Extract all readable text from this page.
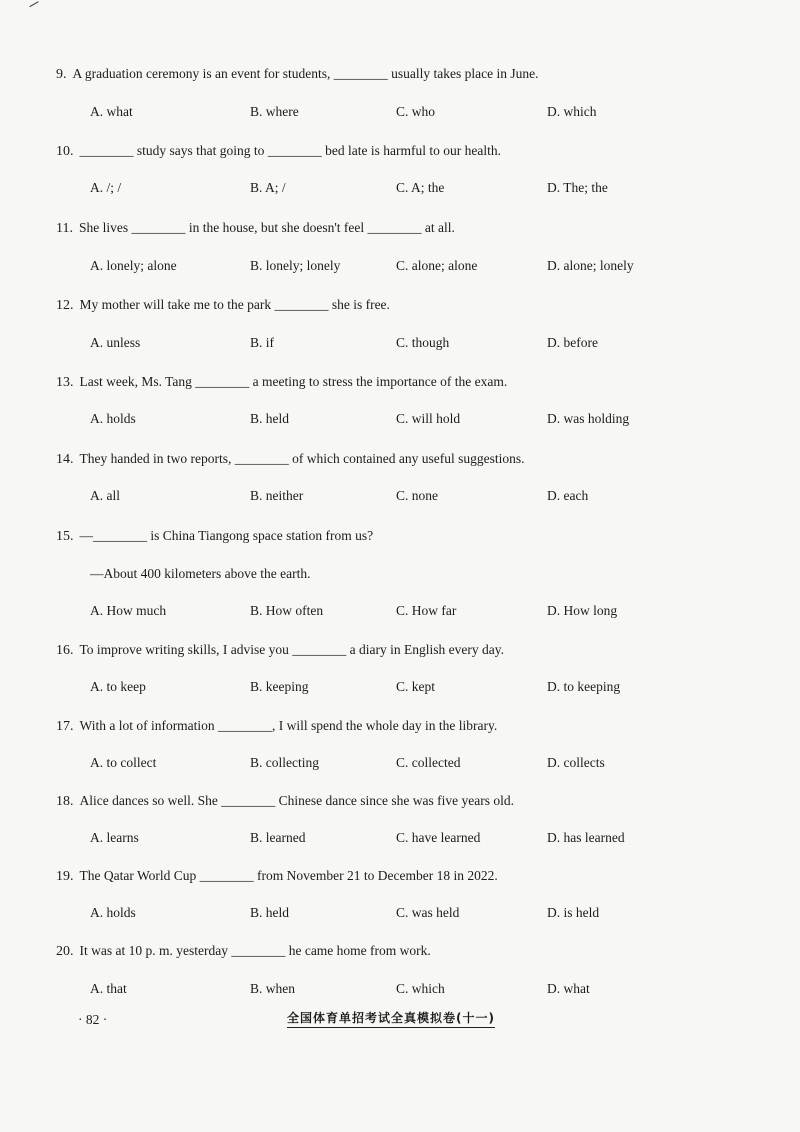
9. A graduation ceremony is an event for students, ________ usually takes place in June.
A. what	B. where	C. who	D. which
10. ________ study says that going to ________ bed late is harmful to our health.
A. /; /	B. A; /	C. A; the	D. The; the
11. She lives ________ in the house, but she doesn't feel ________ at all.
A. lonely; alone	B. lonely; lonely	C. alone; alone	D. alone; lonely
12. My mother will take me to the park ________ she is free.
A. unless	B. if	C. though	D. before
13. Last week, Ms. Tang ________ a meeting to stress the importance of the exam.
A. holds	B. held	C. will hold	D. was holding
14. They handed in two reports, ________ of which contained any useful suggestions.
A. all	B. neither	C. none	D. each
15. —________ is China Tiangong space station from us?
—About 400 kilometers above the earth.
A. How much	B. How often	C. How far	D. How long
16. To improve writing skills, I advise you ________ a diary in English every day.
A. to keep	B. keeping	C. kept	D. to keeping
17. With a lot of information ________, I will spend the whole day in the library.
A. to collect	B. collecting	C. collected	D. collects
18. Alice dances so well. She ________ Chinese dance since she was five years old.
A. learns	B. learned	C. have learned	D. has learned
19. The Qatar World Cup ________ from November 21 to December 18 in 2022.
A. holds	B. held	C. was held	D. is held
20. It was at 10 p. m. yesterday ________ he came home from work.
A. that	B. when	C. which	D. what
· 82 ·	全国体育单招考试全真模拟卷(十一)
